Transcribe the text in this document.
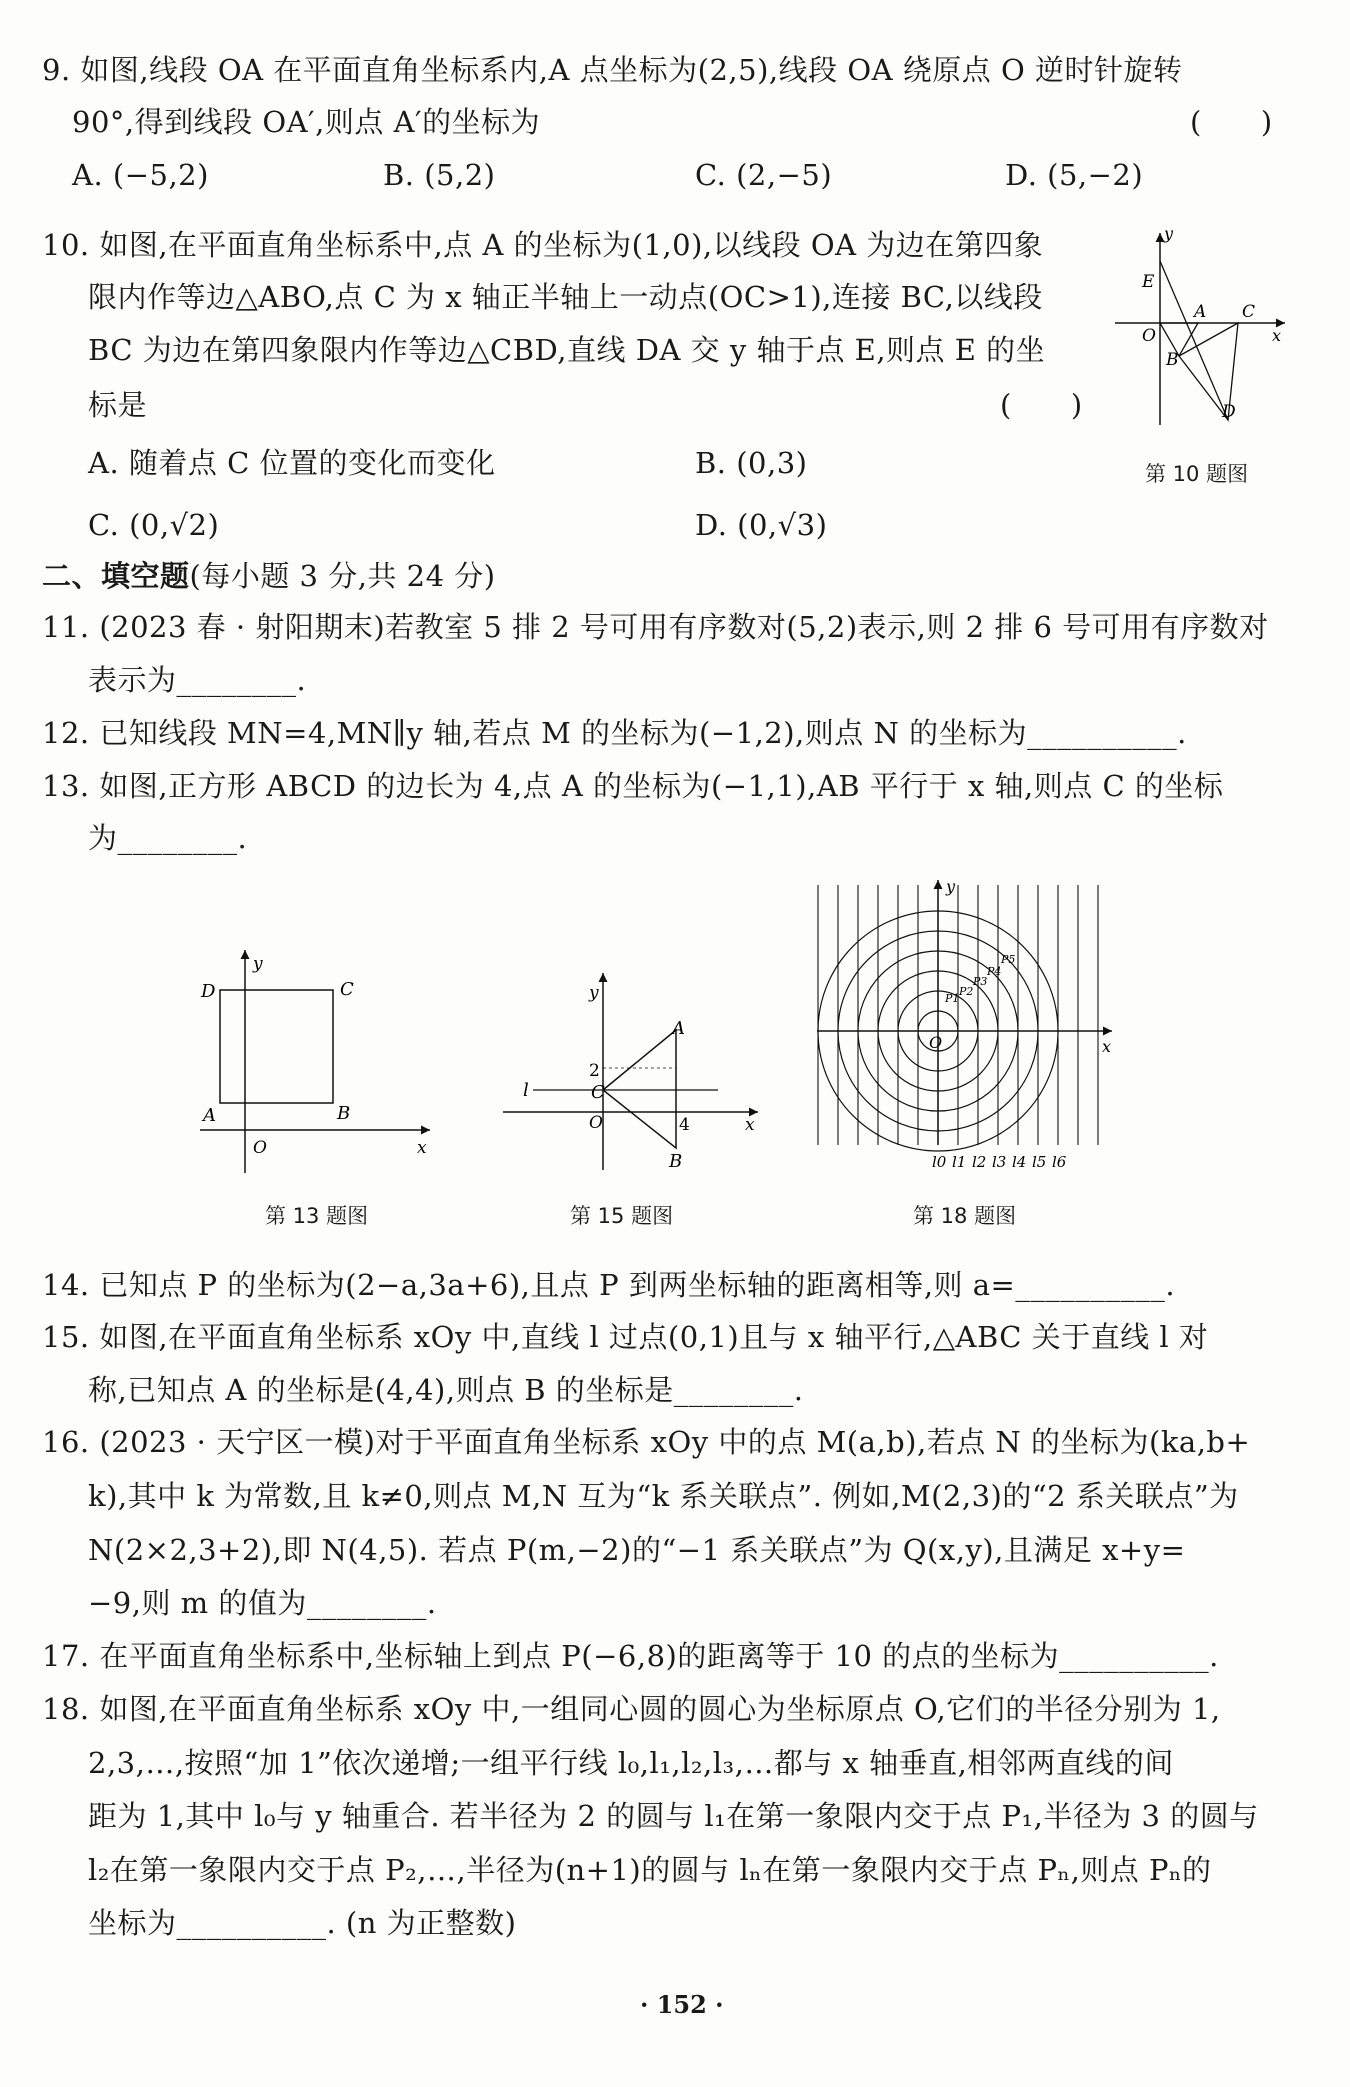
9. 如图,线段 OA 在平面直角坐标系内,A 点坐标为(2,5),线段 OA 绕原点 O 逆时针旋转
90°,得到线段 OA′,则点 A′的坐标为	(　　)
A. (−5,2)	B. (5,2)	C. (2,−5)	D. (5,−2)
10. 如图,在平面直角坐标系中,点 A 的坐标为(1,0),以线段 OA 为边在第四象
限内作等边△ABO,点 C 为 x 轴正半轴上一动点(OC>1),连接 BC,以线段
BC 为边在第四象限内作等边△CBD,直线 DA 交 y 轴于点 E,则点 E 的坐
标是	(　　)
A. 随着点 C 位置的变化而变化	B. (0,3)
C. (0,√2)	D. (0,√3)
y
E
A C
O	x
B
D
第 10 题图
二、填空题(每小题 3 分,共 24 分)
11. (2023 春 · 射阳期末)若教室 5 排 2 号可用有序数对(5,2)表示,则 2 排 6 号可用有序数对
表示为________.
12. 已知线段 MN=4,MN∥y 轴,若点 M 的坐标为(−1,2),则点 N 的坐标为__________.
13. 如图,正方形 ABCD 的边长为 4,点 A 的坐标为(−1,1),AB 平行于 x 轴,则点 C 的坐标
为________.
y
D	C
A	B
O	x
第 13 题图
y
A
2
l	C
O	4	x
B
第 15 题图
y
x
O
P1
P2
P3
P4
P5
l0 l1 l2 l3 l4 l5 l6
第 18 题图
14. 已知点 P 的坐标为(2−a,3a+6),且点 P 到两坐标轴的距离相等,则 a=__________.
15. 如图,在平面直角坐标系 xOy 中,直线 l 过点(0,1)且与 x 轴平行,△ABC 关于直线 l 对
称,已知点 A 的坐标是(4,4),则点 B 的坐标是________.
16. (2023 · 天宁区一模)对于平面直角坐标系 xOy 中的点 M(a,b),若点 N 的坐标为(ka,b+
k),其中 k 为常数,且 k≠0,则点 M,N 互为“k 系关联点”. 例如,M(2,3)的“2 系关联点”为
N(2×2,3+2),即 N(4,5). 若点 P(m,−2)的“−1 系关联点”为 Q(x,y),且满足 x+y=
−9,则 m 的值为________.
17. 在平面直角坐标系中,坐标轴上到点 P(−6,8)的距离等于 10 的点的坐标为__________.
18. 如图,在平面直角坐标系 xOy 中,一组同心圆的圆心为坐标原点 O,它们的半径分别为 1,
2,3,…,按照“加 1”依次递增;一组平行线 l₀,l₁,l₂,l₃,…都与 x 轴垂直,相邻两直线的间
距为 1,其中 l₀与 y 轴重合. 若半径为 2 的圆与 l₁在第一象限内交于点 P₁,半径为 3 的圆与
l₂在第一象限内交于点 P₂,…,半径为(n+1)的圆与 lₙ在第一象限内交于点 Pₙ,则点 Pₙ的
坐标为__________. (n 为正整数)
· 152 ·
